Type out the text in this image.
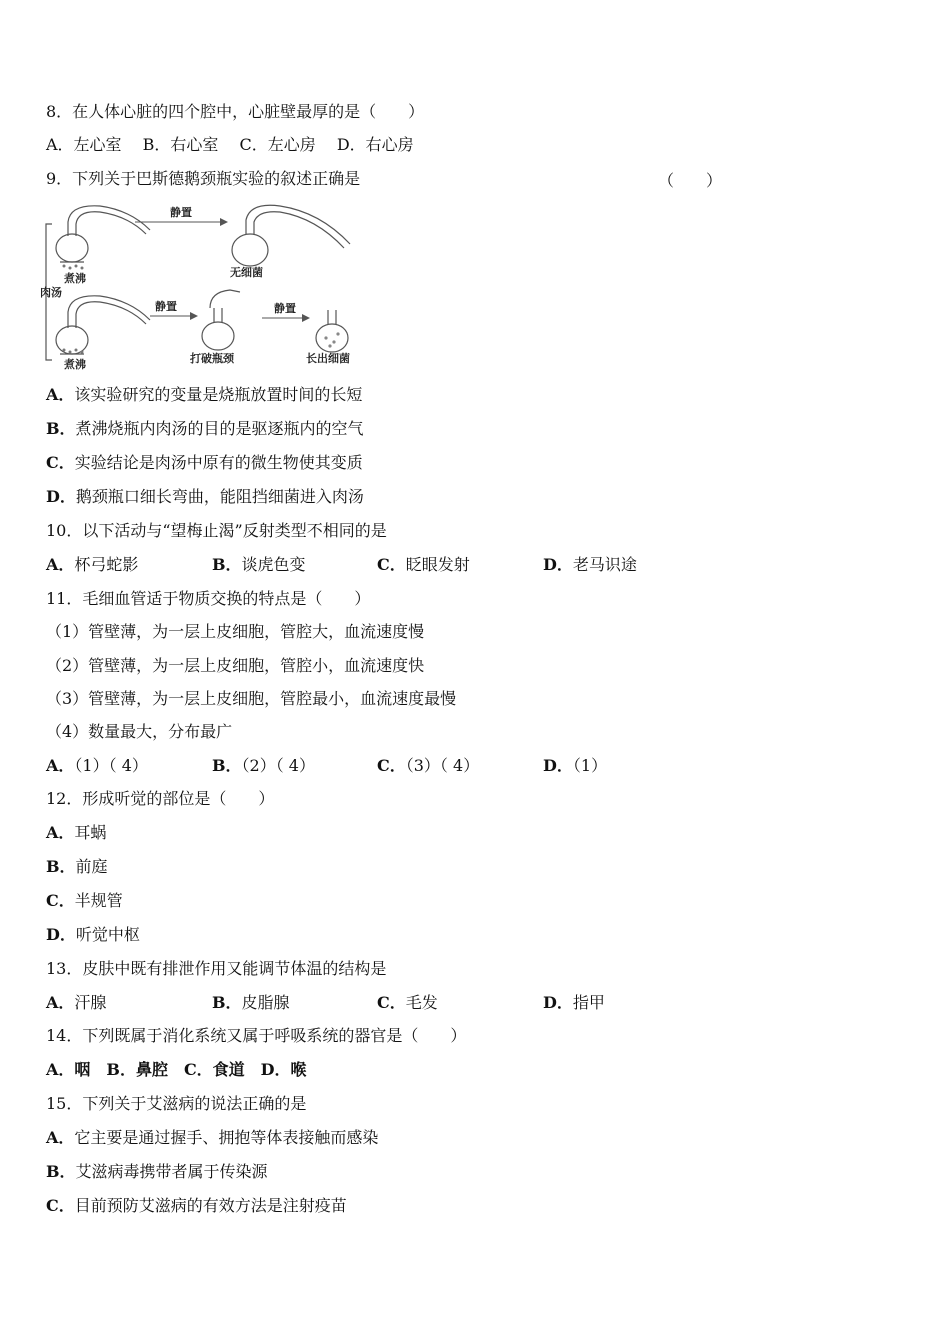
8．在人体心脏的四个腔中，心脏壁最厚的是（　　）
A．左心室　 B．右心室　 C．左心房　 D．右心房
9．下列关于巴斯德鹅颈瓶实验的叙述正确是	（　　）
煮沸
静置
无细菌
肉汤
煮沸
静置
打破瓶颈
静置
长出细菌
A．该实验研究的变量是烧瓶放置时间的长短
B．煮沸烧瓶内肉汤的目的是驱逐瓶内的空气
C．实验结论是肉汤中原有的微生物使其变质
D．鹅颈瓶口细长弯曲，能阻挡细菌进入肉汤
10．以下活动与“望梅止渴”反射类型不相同的是
A．杯弓蛇影	B．谈虎色变	C．眨眼发射	D．老马识途
11．毛细血管适于物质交换的特点是（　　）
（1）管壁薄，为一层上皮细胞，管腔大，血流速度慢
（2）管壁薄，为一层上皮细胞，管腔小，血流速度快
（3）管壁薄，为一层上皮细胞，管腔最小，血流速度最慢
（4）数量最大，分布最广
A．（1）（ 4）	B．（2）（ 4）	C．（3）（ 4）	D．（1）
12．形成听觉的部位是（　　）
A．耳蜗
B．前庭
C．半规管
D．听觉中枢
13．皮肤中既有排泄作用又能调节体温的结构是
A．汗腺	B．皮脂腺	C．毛发	D．指甲
14．下列既属于消化系统又属于呼吸系统的器官是（　　）
A．咽　B．鼻腔　C．食道　D．喉
15．下列关于艾滋病的说法正确的是
A．它主要是通过握手、拥抱等体表接触而感染
B．艾滋病毒携带者属于传染源
C．目前预防艾滋病的有效方法是注射疫苗
